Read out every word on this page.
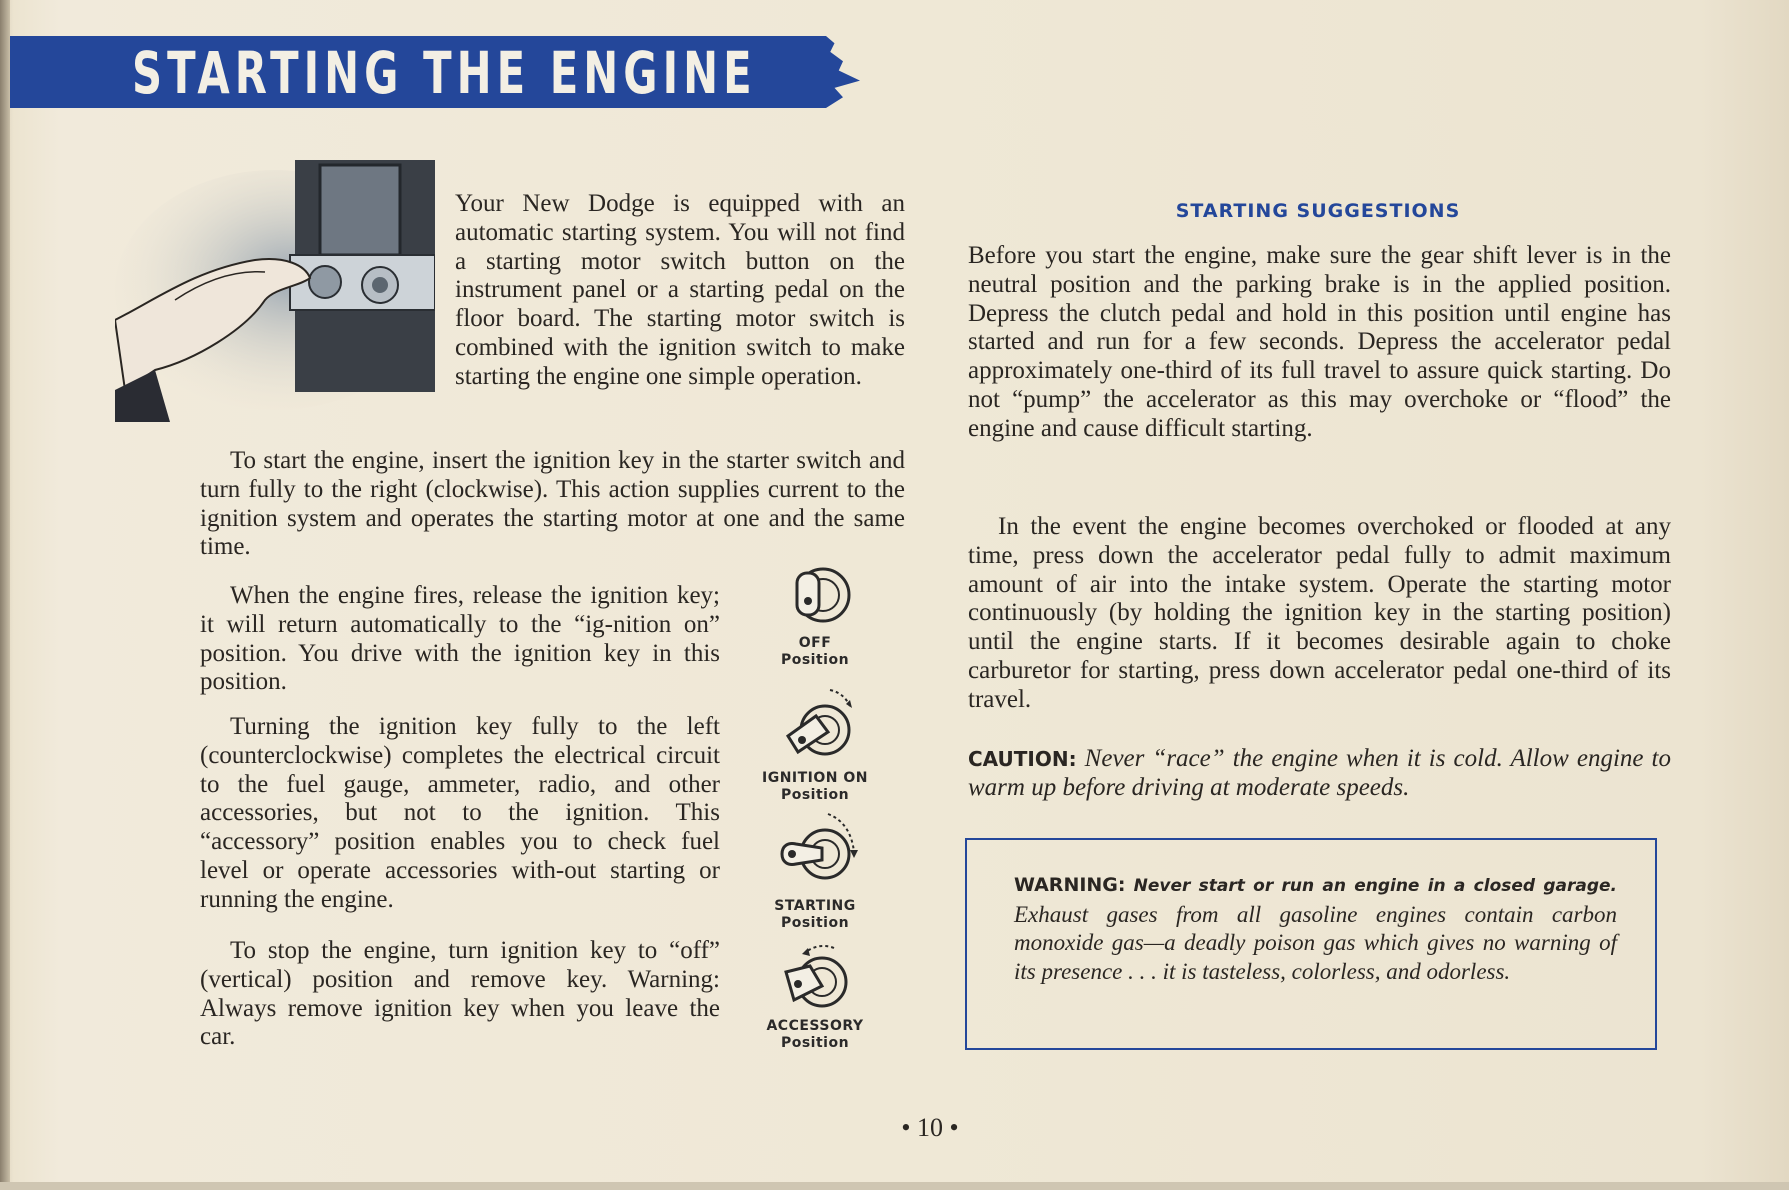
STARTING THE ENGINE

Your New Dodge is equipped with an automatic starting system. You will not find a starting motor switch button on the instrument panel or a starting pedal on the floor board. The starting motor switch is combined with the ignition switch to make starting the engine one simple operation.

To start the engine, insert the ignition key in the starter switch and turn fully to the right (clockwise). This action supplies current to the ignition system and operates the starting motor at one and the same time.

When the engine fires, release the ignition key; it will return automatically to the “ig-nition on” position. You drive with the ignition key in this position.

Turning the ignition key fully to the left (counterclockwise) completes the electrical circuit to the fuel gauge, ammeter, radio, and other accessories, but not to the ignition. This “accessory” position enables you to check fuel level or operate accessories with-out starting or running the engine.

To stop the engine, turn ignition key to “off” (vertical) position and remove key. Warning: Always remove ignition key when you leave the car.

OFF
Position
IGNITION ON
Position
STARTING
Position
ACCESSORY
Position
STARTING SUGGESTIONS

Before you start the engine, make sure the gear shift lever is in the neutral position and the parking brake is in the applied position. Depress the clutch pedal and hold in this position until engine has started and run for a few seconds. Depress the accelerator pedal approximately one-third of its full travel to assure quick starting. Do not “pump” the accelerator as this may overchoke or “flood” the engine and cause difficult starting.

In the event the engine becomes overchoked or flooded at any time, press down the accelerator pedal fully to admit maximum amount of air into the intake system. Operate the starting motor continuously (by holding the ignition key in the starting position) until the engine starts. If it becomes desirable again to choke carburetor for starting, press down accelerator pedal one-third of its travel.

CAUTION: Never “race” the engine when it is cold. Allow engine to warm up before driving at moderate speeds.

WARNING: Never start or run an engine in a closed garage. Exhaust gases from all gasoline engines contain carbon monoxide gas—a deadly poison gas which gives no warning of its presence . . . it is tasteless, colorless, and odorless.

• 10 •
